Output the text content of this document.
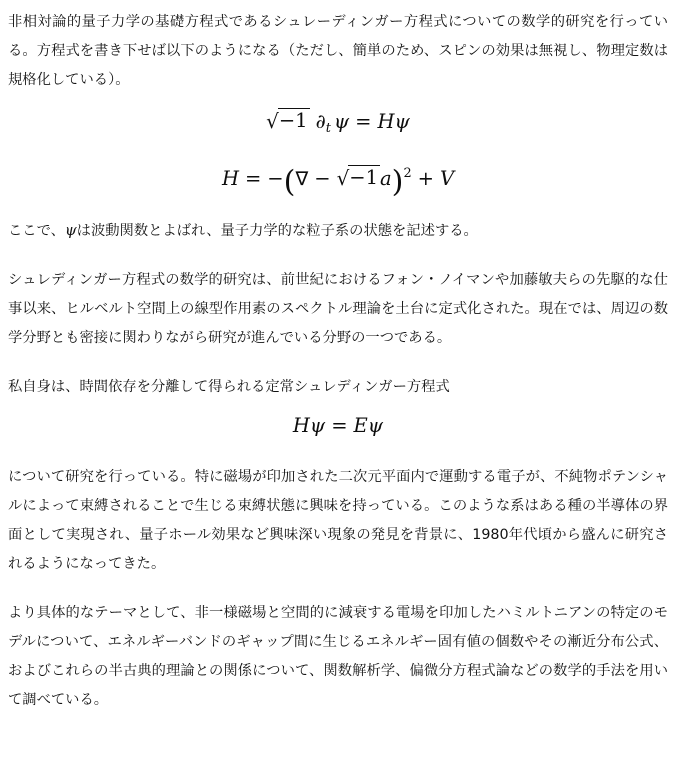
非相対論的量子力学の基礎方程式であるシュレーディンガー方程式についての数学的研究を行っている。方程式を書き下せば以下のようになる（ただし、簡単のため、スピンの効果は無視し、物理定数は規格化している）。

√−1 $\partial_t$ ψ = Hψ
H = −(∇ − √−1 a)$^2$ + V

ここで、ψは波動関数とよばれ、量子力学的な粒子系の状態を記述する。

シュレディンガー方程式の数学的研究は、前世紀におけるフォン・ノイマンや加藤敏夫らの先駆的な仕事以来、ヒルベルト空間上の線型作用素のスペクトル理論を土台に定式化された。現在では、周辺の数学分野とも密接に関わりながら研究が進んでいる分野の一つである。

私自身は、時間依存を分離して得られる定常シュレディンガー方程式

Hψ = Eψ

について研究を行っている。特に磁場が印加された二次元平面内で運動する電子が、不純物ポテンシャルによって束縛されることで生じる束縛状態に興味を持っている。このような系はある種の半導体の界面として実現され、量子ホール効果など興味深い現象の発見を背景に、1980年代頃から盛んに研究されるようになってきた。

より具体的なテーマとして、非一様磁場と空間的に減衰する電場を印加したハミルトニアンの特定のモデルについて、エネルギーバンドのギャップ間に生じるエネルギー固有値の個数やその漸近分布公式、およびこれらの半古典的理論との関係について、関数解析学、偏微分方程式論などの数学的手法を用いて調べている。
